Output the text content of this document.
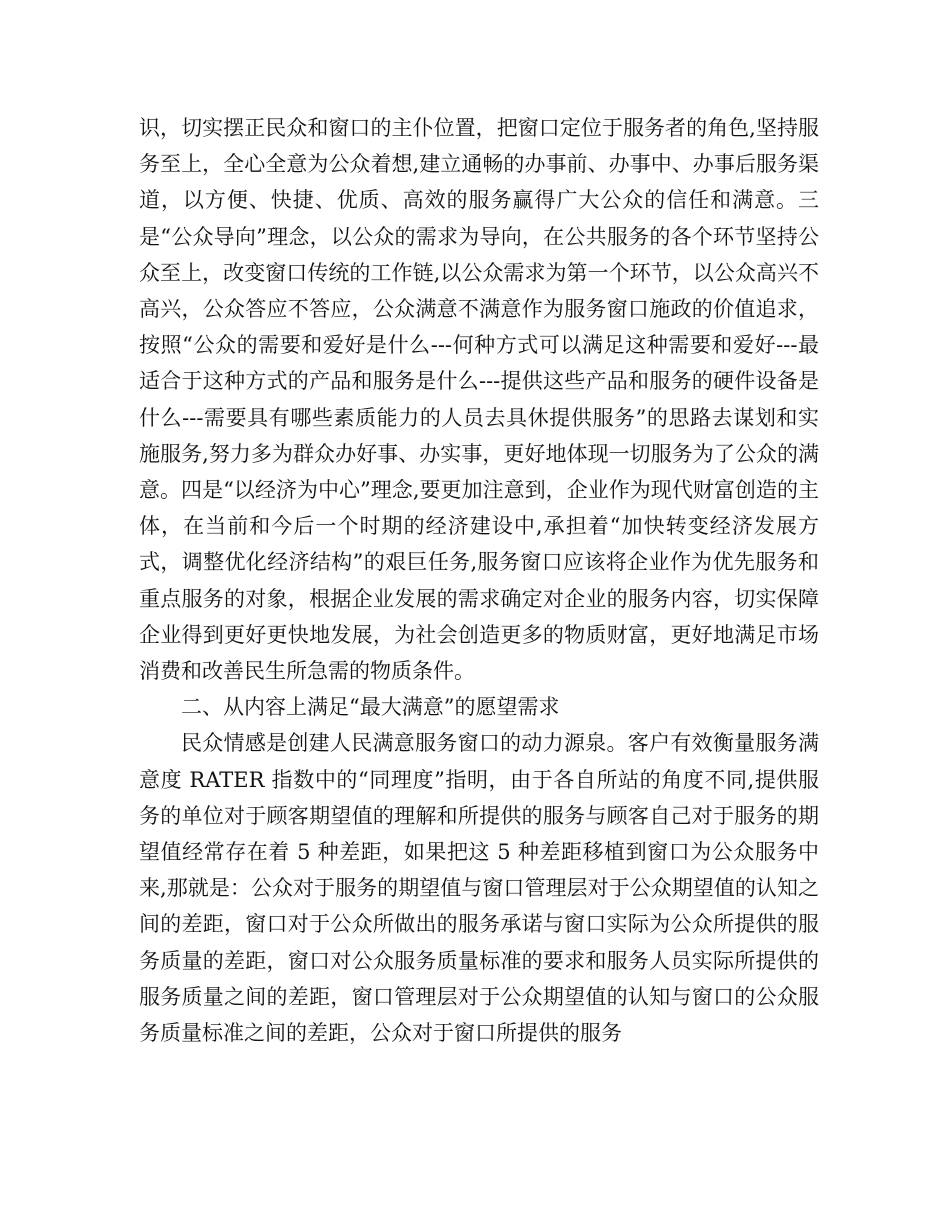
识，切实摆正民众和窗口的主仆位置，把窗口定位于服务者的角色,坚持服务至上，全心全意为公众着想,建立通畅的办事前、办事中、办事后服务渠道，以方便、快捷、优质、高效的服务赢得广大公众的信任和满意。三是“公众导向”理念，以公众的需求为导向，在公共服务的各个环节坚持公众至上，改变窗口传统的工作链,以公众需求为第一个环节，以公众高兴不高兴，公众答应不答应，公众满意不满意作为服务窗口施政的价值追求，按照“公众的需要和爱好是什么---何种方式可以满足这种需要和爱好---最适合于这种方式的产品和服务是什么---提供这些产品和服务的硬件设备是什么---需要具有哪些素质能力的人员去具休提供服务”的思路去谋划和实施服务,努力多为群众办好事、办实事，更好地体现一切服务为了公众的满意。四是“以经济为中心”理念,要更加注意到，企业作为现代财富创造的主体，在当前和今后一个时期的经济建设中,承担着“加快转变经济发展方式，调整优化经济结构”的艰巨任务,服务窗口应该将企业作为优先服务和重点服务的对象，根据企业发展的需求确定对企业的服务内容，切实保障企业得到更好更快地发展，为社会创造更多的物质财富，更好地满足市场消费和改善民生所急需的物质条件。

二、从内容上满足“最大满意”的愿望需求

民众情感是创建人民满意服务窗口的动力源泉。客户有效衡量服务满意度 RATER 指数中的“同理度”指明，由于各自所站的角度不同,提供服务的单位对于顾客期望值的理解和所提供的服务与顾客自己对于服务的期望值经常存在着 5 种差距，如果把这 5 种差距移植到窗口为公众服务中来,那就是：公众对于服务的期望值与窗口管理层对于公众期望值的认知之间的差距，窗口对于公众所做出的服务承诺与窗口实际为公众所提供的服务质量的差距，窗口对公众服务质量标准的要求和服务人员实际所提供的服务质量之间的差距，窗口管理层对于公众期望值的认知与窗口的公众服务质量标准之间的差距，公众对于窗口所提供的服务
